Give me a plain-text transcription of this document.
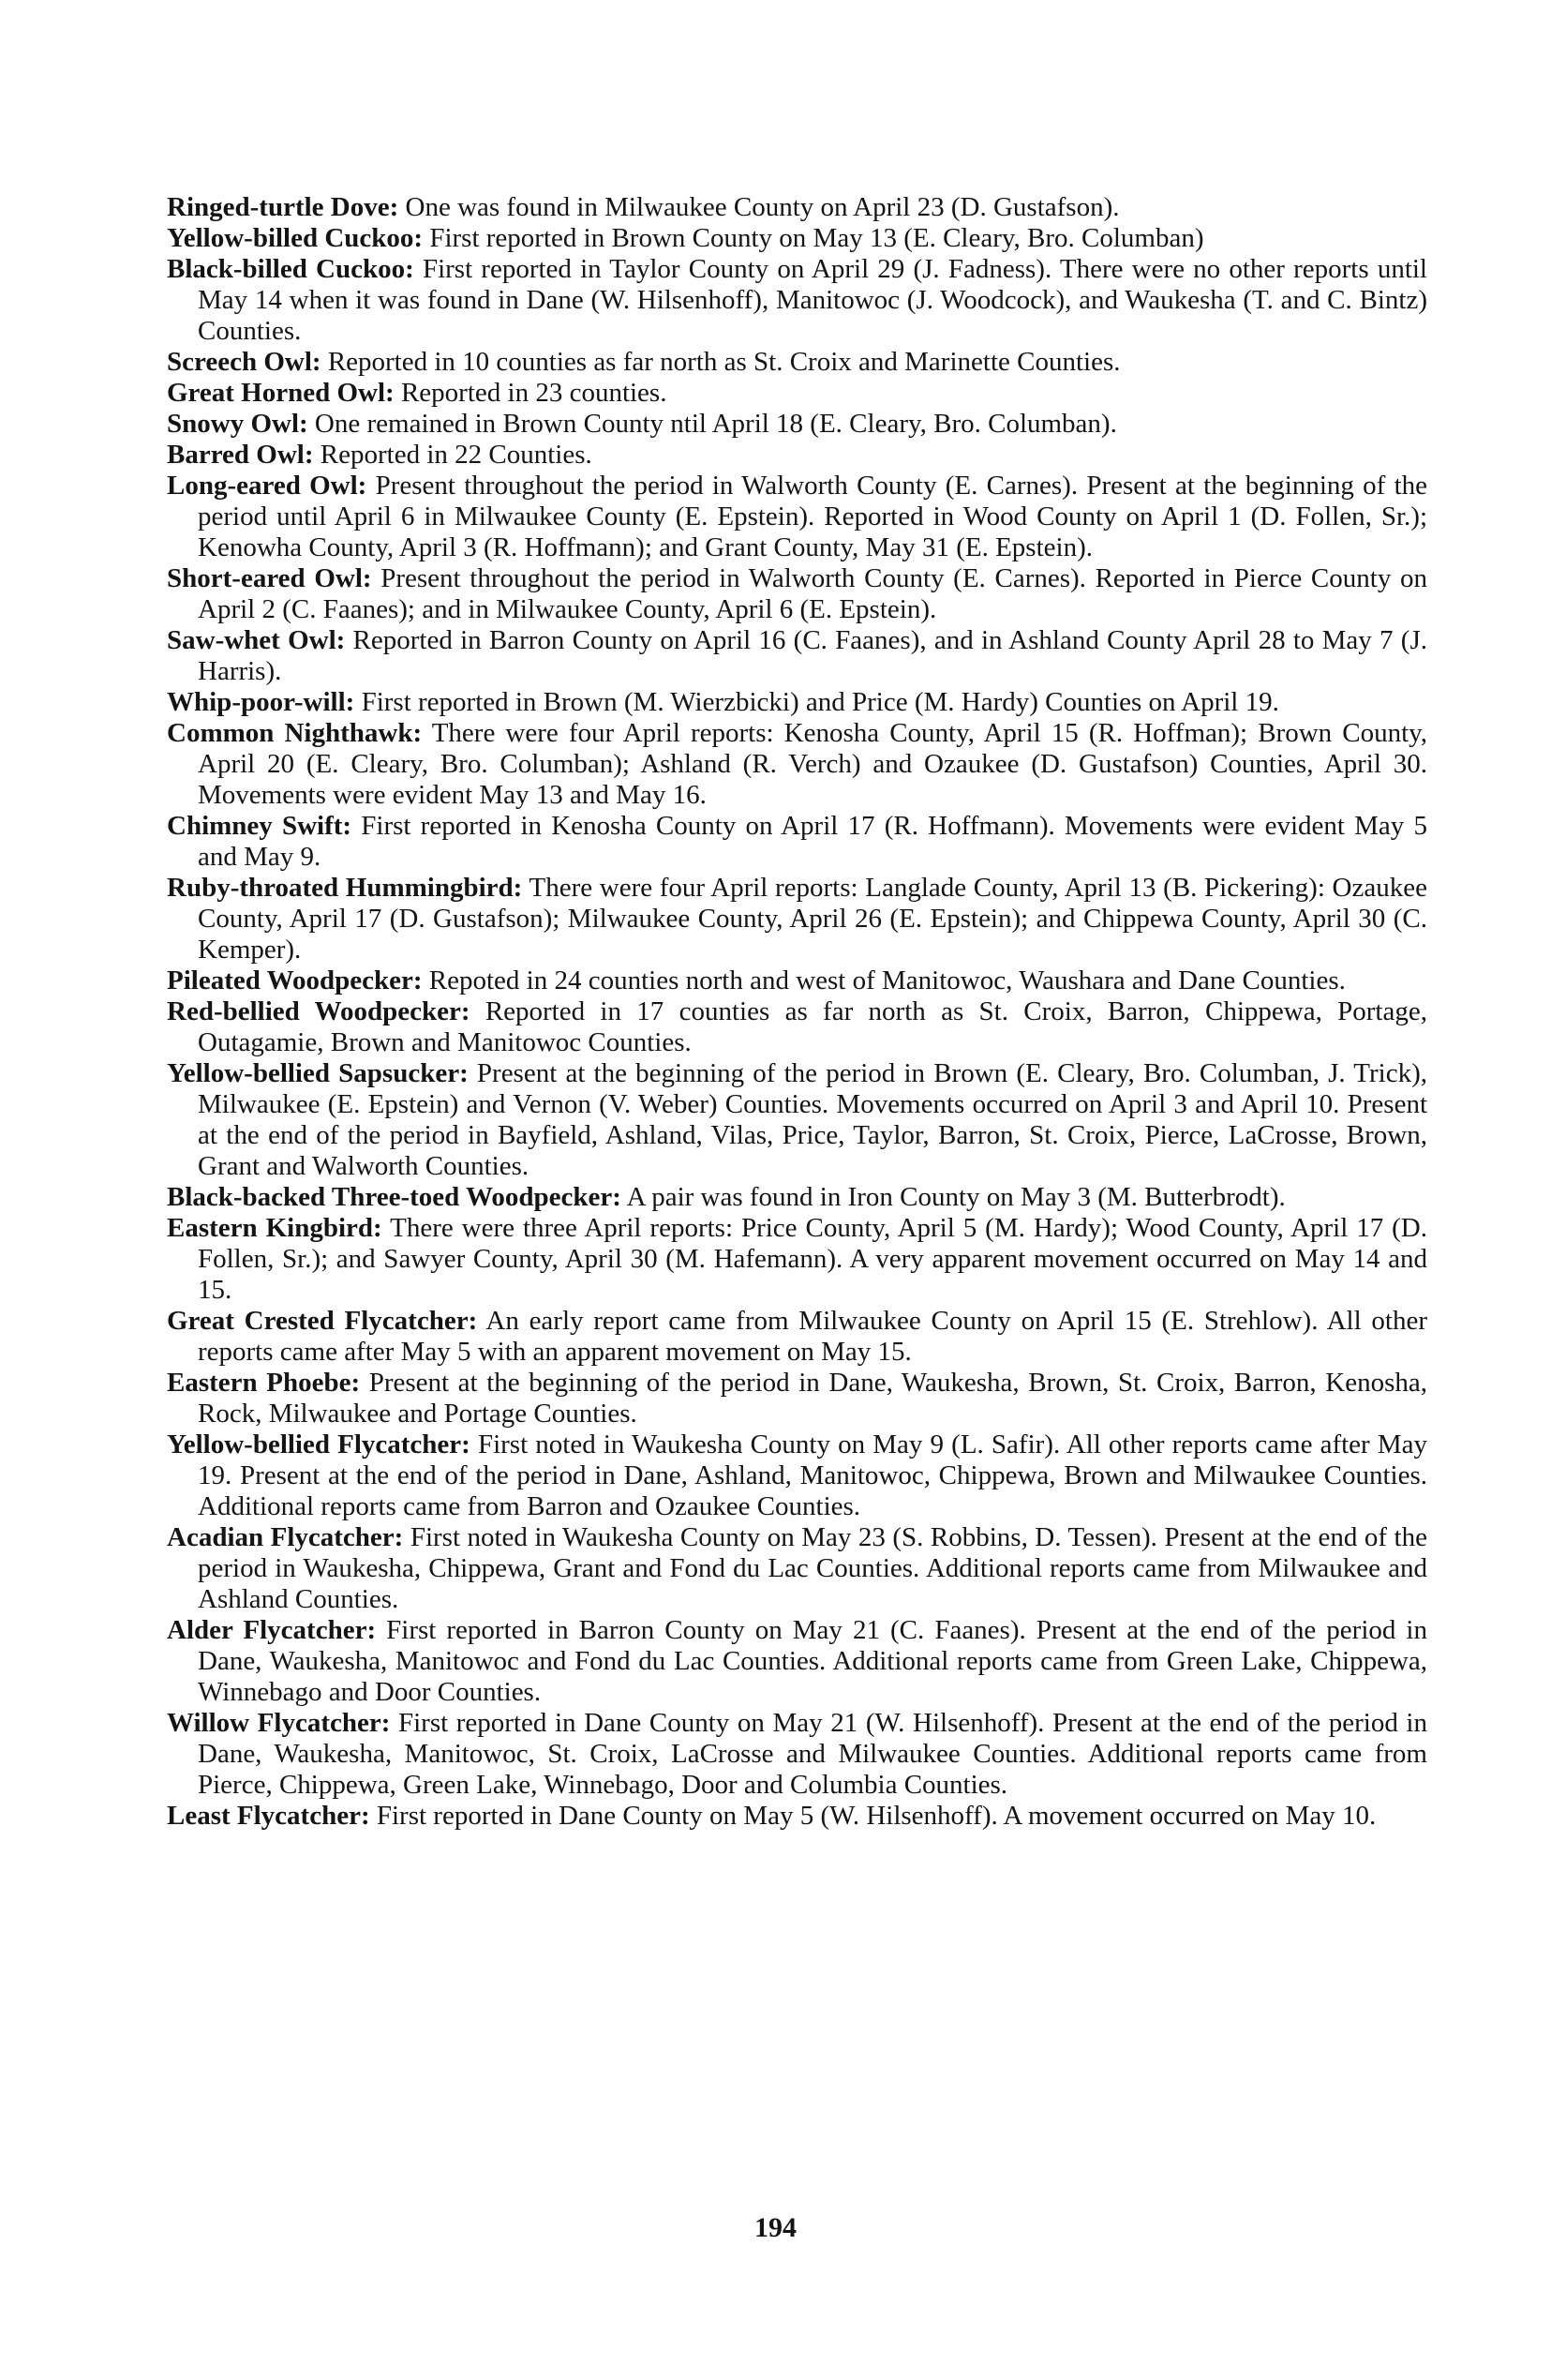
Ringed-turtle Dove: One was found in Milwaukee County on April 23 (D. Gustafson).

Yellow-billed Cuckoo: First reported in Brown County on May 13 (E. Cleary, Bro. Columban)

Black-billed Cuckoo: First reported in Taylor County on April 29 (J. Fadness). There were no other reports until May 14 when it was found in Dane (W. Hilsenhoff), Manitowoc (J. Woodcock), and Waukesha (T. and C. Bintz) Counties.

Screech Owl: Reported in 10 counties as far north as St. Croix and Marinette Counties.

Great Horned Owl: Reported in 23 counties.

Snowy Owl: One remained in Brown County ntil April 18 (E. Cleary, Bro. Columban).

Barred Owl: Reported in 22 Counties.

Long-eared Owl: Present throughout the period in Walworth County (E. Carnes). Present at the beginning of the period until April 6 in Milwaukee County (E. Epstein). Reported in Wood County on April 1 (D. Follen, Sr.); Kenowha County, April 3 (R. Hoffmann); and Grant County, May 31 (E. Epstein).

Short-eared Owl: Present throughout the period in Walworth County (E. Carnes). Reported in Pierce County on April 2 (C. Faanes); and in Milwaukee County, April 6 (E. Epstein).

Saw-whet Owl: Reported in Barron County on April 16 (C. Faanes), and in Ashland County April 28 to May 7 (J. Harris).

Whip-poor-will: First reported in Brown (M. Wierzbicki) and Price (M. Hardy) Counties on April 19.

Common Nighthawk: There were four April reports: Kenosha County, April 15 (R. Hoffman); Brown County, April 20 (E. Cleary, Bro. Columban); Ashland (R. Verch) and Ozaukee (D. Gustafson) Counties, April 30. Movements were evident May 13 and May 16.

Chimney Swift: First reported in Kenosha County on April 17 (R. Hoffmann). Movements were evident May 5 and May 9.

Ruby-throated Hummingbird: There were four April reports: Langlade County, April 13 (B. Pickering): Ozaukee County, April 17 (D. Gustafson); Milwaukee County, April 26 (E. Epstein); and Chippewa County, April 30 (C. Kemper).

Pileated Woodpecker: Repoted in 24 counties north and west of Manitowoc, Waushara and Dane Counties.

Red-bellied Woodpecker: Reported in 17 counties as far north as St. Croix, Barron, Chippewa, Portage, Outagamie, Brown and Manitowoc Counties.

Yellow-bellied Sapsucker: Present at the beginning of the period in Brown (E. Cleary, Bro. Columban, J. Trick), Milwaukee (E. Epstein) and Vernon (V. Weber) Counties. Movements occurred on April 3 and April 10. Present at the end of the period in Bayfield, Ashland, Vilas, Price, Taylor, Barron, St. Croix, Pierce, LaCrosse, Brown, Grant and Walworth Counties.

Black-backed Three-toed Woodpecker: A pair was found in Iron County on May 3 (M. Butterbrodt).

Eastern Kingbird: There were three April reports: Price County, April 5 (M. Hardy); Wood County, April 17 (D. Follen, Sr.); and Sawyer County, April 30 (M. Hafemann). A very apparent movement occurred on May 14 and 15.

Great Crested Flycatcher: An early report came from Milwaukee County on April 15 (E. Strehlow). All other reports came after May 5 with an apparent movement on May 15.

Eastern Phoebe: Present at the beginning of the period in Dane, Waukesha, Brown, St. Croix, Barron, Kenosha, Rock, Milwaukee and Portage Counties.

Yellow-bellied Flycatcher: First noted in Waukesha County on May 9 (L. Safir). All other reports came after May 19. Present at the end of the period in Dane, Ashland, Manitowoc, Chippewa, Brown and Milwaukee Counties. Additional reports came from Barron and Ozaukee Counties.

Acadian Flycatcher: First noted in Waukesha County on May 23 (S. Robbins, D. Tessen). Present at the end of the period in Waukesha, Chippewa, Grant and Fond du Lac Counties. Additional reports came from Milwaukee and Ashland Counties.

Alder Flycatcher: First reported in Barron County on May 21 (C. Faanes). Present at the end of the period in Dane, Waukesha, Manitowoc and Fond du Lac Counties. Additional reports came from Green Lake, Chippewa, Winnebago and Door Counties.

Willow Flycatcher: First reported in Dane County on May 21 (W. Hilsenhoff). Present at the end of the period in Dane, Waukesha, Manitowoc, St. Croix, LaCrosse and Milwaukee Counties. Additional reports came from Pierce, Chippewa, Green Lake, Winnebago, Door and Columbia Counties.

Least Flycatcher: First reported in Dane County on May 5 (W. Hilsenhoff). A movement occurred on May 10.

194
